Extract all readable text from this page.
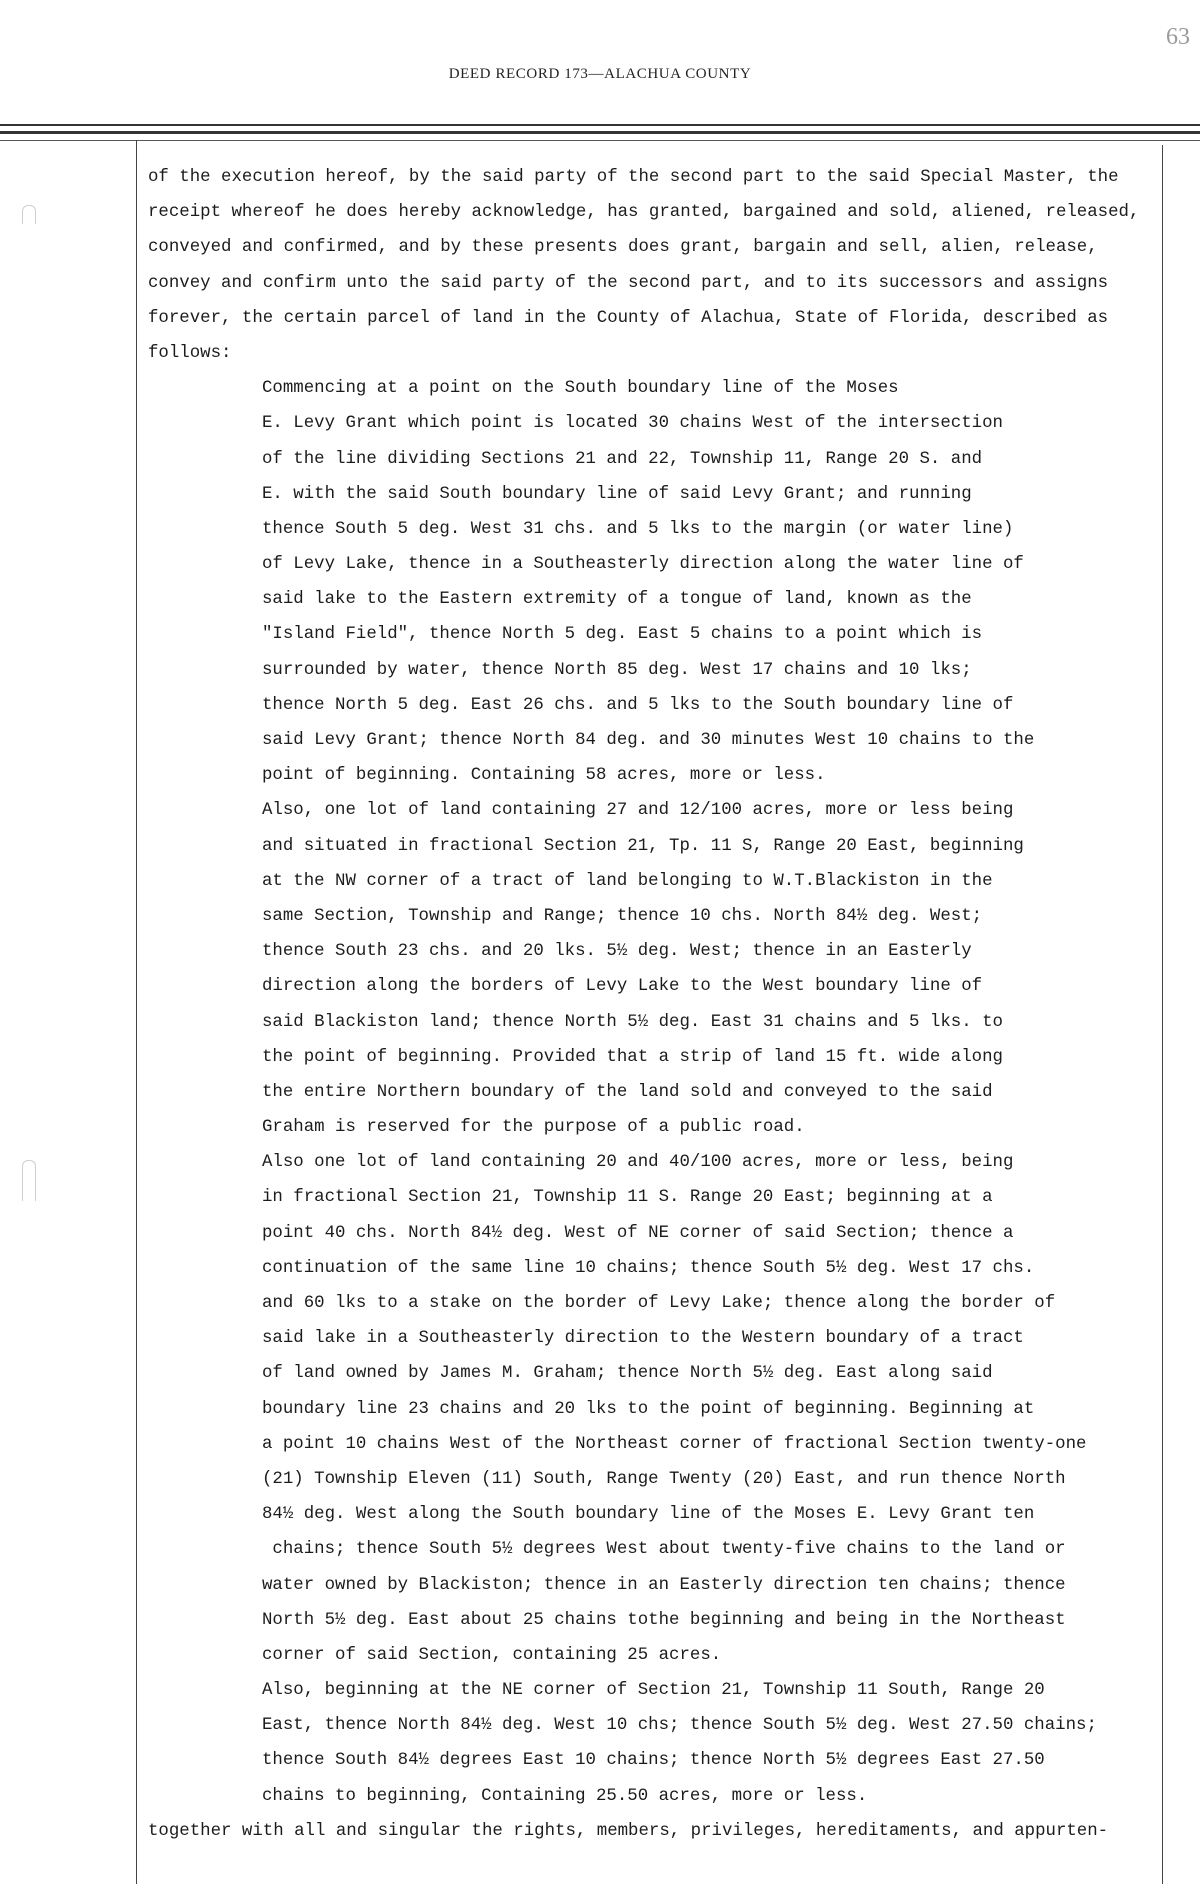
63
DEED RECORD 173—ALACHUA COUNTY
of the execution hereof, by the said party of the second part to the said Special Master, the
receipt whereof he does hereby acknowledge, has granted, bargained and sold, aliened, released,
conveyed and confirmed, and by these presents does grant, bargain and sell, alien, release,
convey and confirm unto the said party of the second part, and to its successors and assigns
forever, the certain parcel of land in the County of Alachua, State of Florida, described as
follows:
Commencing at a point on the South boundary line of the Moses
E. Levy Grant which point is located 30 chains West of the intersection
of the line dividing Sections 21 and 22, Township 11, Range 20 S. and
E. with the said South boundary line of said Levy Grant; and running
thence South 5 deg. West 31 chs. and 5 lks to the margin (or water line)
of Levy Lake, thence in a Southeasterly direction along the water line of
said lake to the Eastern extremity of a tongue of land, known as the
"Island Field", thence North 5 deg. East 5 chains to a point which is
surrounded by water, thence North 85 deg. West 17 chains and 10 lks;
thence North 5 deg. East 26 chs. and 5 lks to the South boundary line of
said Levy Grant; thence North 84 deg. and 30 minutes West 10 chains to the
point of beginning. Containing 58 acres, more or less.
Also, one lot of land containing 27 and 12/100 acres, more or less being
and situated in fractional Section 21, Tp. 11 S, Range 20 East, beginning
at the NW corner of a tract of land belonging to W.T.Blackiston in the
same Section, Township and Range; thence 10 chs. North 84½ deg. West;
thence South 23 chs. and 20 lks. 5½ deg. West; thence in an Easterly
direction along the borders of Levy Lake to the West boundary line of
said Blackiston land; thence North 5½ deg. East 31 chains and 5 lks. to
the point of beginning. Provided that a strip of land 15 ft. wide along
the entire Northern boundary of the land sold and conveyed to the said
Graham is reserved for the purpose of a public road.
Also one lot of land containing 20 and 40/100 acres, more or less, being
in fractional Section 21, Township 11 S. Range 20 East; beginning at a
point 40 chs. North 84½ deg. West of NE corner of said Section; thence a
continuation of the same line 10 chains; thence South 5½ deg. West 17 chs.
and 60 lks to a stake on the border of Levy Lake; thence along the border of
said lake in a Southeasterly direction to the Western boundary of a tract
of land owned by James M. Graham; thence North 5½ deg. East along said
boundary line 23 chains and 20 lks to the point of beginning. Beginning at
a point 10 chains West of the Northeast corner of fractional Section twenty-one
(21) Township Eleven (11) South, Range Twenty (20) East, and run thence North
84½ deg. West along the South boundary line of the Moses E. Levy Grant ten
chains; thence South 5½ degrees West about twenty-five chains to the land or
water owned by Blackiston; thence in an Easterly direction ten chains; thence
North 5½ deg. East about 25 chains tothe beginning and being in the Northeast
corner of said Section, containing 25 acres.
Also, beginning at the NE corner of Section 21, Township 11 South, Range 20
East, thence North 84½ deg. West 10 chs; thence South 5½ deg. West 27.50 chains;
thence South 84½ degrees East 10 chains; thence North 5½ degrees East 27.50
chains to beginning, Containing 25.50 acres, more or less.
together with all and singular the rights, members, privileges, hereditaments, and appurten-
